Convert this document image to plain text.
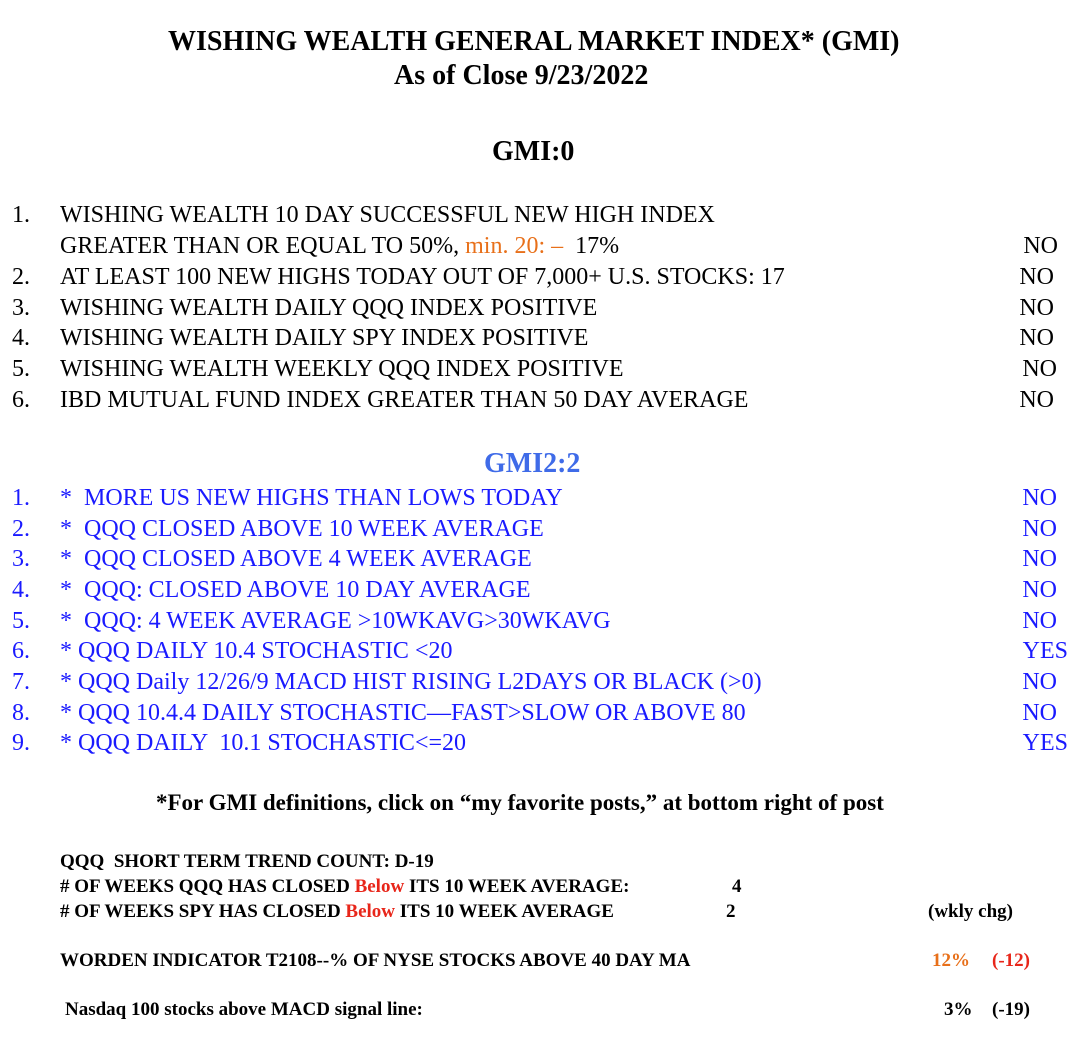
WISHING WEALTH GENERAL MARKET INDEX* (GMI)
As of Close 9/23/2022
GMI:0
1.	WISHING WEALTH 10 DAY SUCCESSFUL NEW HIGH INDEX
GREATER THAN OR EQUAL TO 50%, min. 20: –  17%	NO
2.	AT LEAST 100 NEW HIGHS TODAY OUT OF 7,000+ U.S. STOCKS: 17	NO
3.	WISHING WEALTH DAILY QQQ INDEX POSITIVE	NO
4.	WISHING WEALTH DAILY SPY INDEX POSITIVE	NO
5.	WISHING WEALTH WEEKLY QQQ INDEX POSITIVE	NO
6.	IBD MUTUAL FUND INDEX GREATER THAN 50 DAY AVERAGE	NO
GMI2:2
1.	*  MORE US NEW HIGHS THAN LOWS TODAY	NO
2.	*  QQQ CLOSED ABOVE 10 WEEK AVERAGE	NO
3.	*  QQQ CLOSED ABOVE 4 WEEK AVERAGE	NO
4.	*  QQQ: CLOSED ABOVE 10 DAY AVERAGE	NO
5.	*  QQQ: 4 WEEK AVERAGE >10WKAVG>30WKAVG	NO
6.	* QQQ DAILY 10.4 STOCHASTIC <20	YES
7.	* QQQ Daily 12/26/9 MACD HIST RISING L2DAYS OR BLACK (>0)	NO
8.	* QQQ 10.4.4 DAILY STOCHASTIC—FAST>SLOW OR ABOVE 80	NO
9.	* QQQ DAILY  10.1 STOCHASTIC<=20	YES
*For GMI definitions, click on “my favorite posts,” at bottom right of post
QQQ  SHORT TERM TREND COUNT: D-19
# OF WEEKS QQQ HAS CLOSED Below ITS 10 WEEK AVERAGE:	4
# OF WEEKS SPY HAS CLOSED Below ITS 10 WEEK AVERAGE	2	(wkly chg)
WORDEN INDICATOR T2108--% OF NYSE STOCKS ABOVE 40 DAY MA	12% (-12)
Nasdaq 100 stocks above MACD signal line:	3% (-19)
